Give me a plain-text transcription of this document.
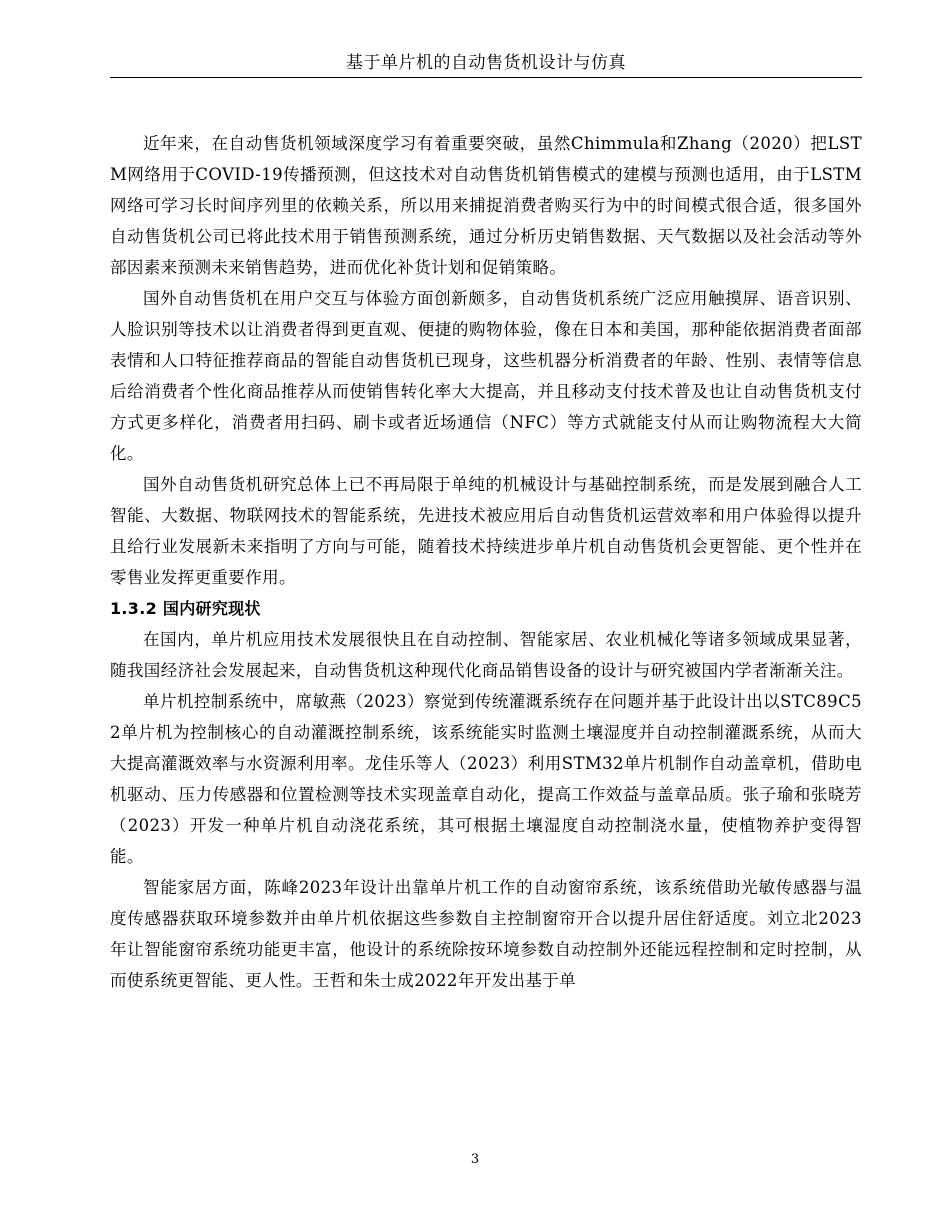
基于单片机的自动售货机设计与仿真

近年来，在自动售货机领域深度学习有着重要突破，虽然Chimmula和Zhang（2020）把LSTM网络用于COVID-19传播预测，但这技术对自动售货机销售模式的建模与预测也适用，由于LSTM网络可学习长时间序列里的依赖关系，所以用来捕捉消费者购买行为中的时间模式很合适，很多国外自动售货机公司已将此技术用于销售预测系统，通过分析历史销售数据、天气数据以及社会活动等外部因素来预测未来销售趋势，进而优化补货计划和促销策略。

国外自动售货机在用户交互与体验方面创新颇多，自动售货机系统广泛应用触摸屏、语音识别、人脸识别等技术以让消费者得到更直观、便捷的购物体验，像在日本和美国，那种能依据消费者面部表情和人口特征推荐商品的智能自动售货机已现身，这些机器分析消费者的年龄、性别、表情等信息后给消费者个性化商品推荐从而使销售转化率大大提高，并且移动支付技术普及也让自动售货机支付方式更多样化，消费者用扫码、刷卡或者近场通信（NFC）等方式就能支付从而让购物流程大大简化。

国外自动售货机研究总体上已不再局限于单纯的机械设计与基础控制系统，而是发展到融合人工智能、大数据、物联网技术的智能系统，先进技术被应用后自动售货机运营效率和用户体验得以提升且给行业发展新未来指明了方向与可能，随着技术持续进步单片机自动售货机会更智能、更个性并在零售业发挥更重要作用。

1.3.2 国内研究现状

在国内，单片机应用技术发展很快且在自动控制、智能家居、农业机械化等诸多领域成果显著，随我国经济社会发展起来，自动售货机这种现代化商品销售设备的设计与研究被国内学者渐渐关注。

单片机控制系统中，席敏燕（2023）察觉到传统灌溉系统存在问题并基于此设计出以STC89C52单片机为控制核心的自动灌溉控制系统，该系统能实时监测土壤湿度并自动控制灌溉系统，从而大大提高灌溉效率与水资源利用率。龙佳乐等人（2023）利用STM32单片机制作自动盖章机，借助电机驱动、压力传感器和位置检测等技术实现盖章自动化，提高工作效益与盖章品质。张子瑜和张晓芳（2023）开发一种单片机自动浇花系统，其可根据土壤湿度自动控制浇水量，使植物养护变得智能。

智能家居方面，陈峰2023年设计出靠单片机工作的自动窗帘系统，该系统借助光敏传感器与温度传感器获取环境参数并由单片机依据这些参数自主控制窗帘开合以提升居住舒适度。刘立北2023年让智能窗帘系统功能更丰富，他设计的系统除按环境参数自动控制外还能远程控制和定时控制，从而使系统更智能、更人性。王哲和朱士成2022年开发出基于单

3
